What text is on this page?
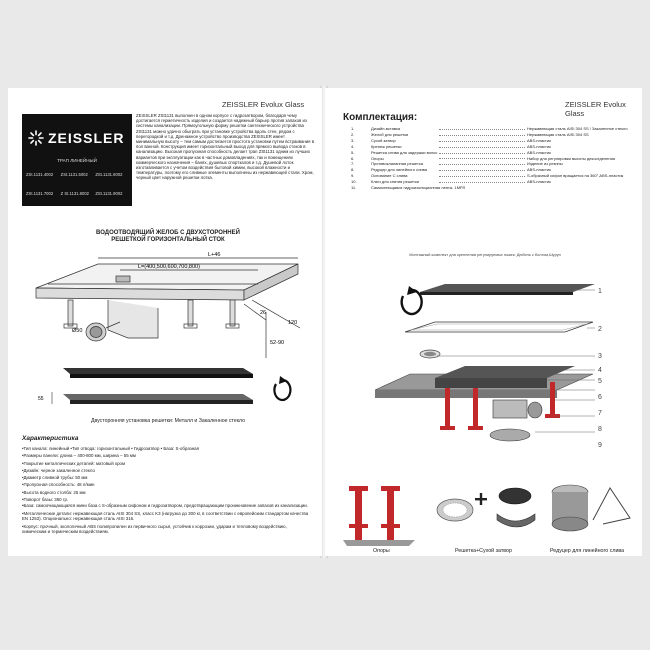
ZEISSLER Evolux Glass
ZEISSLER
ТРАП ЛИНЕЙНЫЙ
ZSt.1131.4002	ZSt.1131.5002	ZSt.1131.6002
ZSt.1131.7002	Z St.1131.8002	ZSt.1131.9002
ZEISSLER ZSt1131 выполнен в одном корпусе с гидрозатвором, благодаря чему достигается герметичность изделия и создается надежный барьер против запахов из системы канализации. Прямоугольную форму решетки сантехнического устройства ZSt1131 можно удачно обыграть при установке устройства вдоль стен, рядом с перегородкой и т.д. Дренажное устройство производства ZEISSLER имеет минимальную высоту – тем самым достигается простота установки путем встраивания в пол ванной. Конструкция имеет горизонтальный выход для прямого вывода стоков в канализацию. Высокая пропускная способность делает трап ZSt1131 одним из лучших вариантов при эксплуатации как в частных домовладениях, так и помещениях коммерческого назначения – банях, душевых спортзалов и т.д. Душевой лоток изготавливается с учетом воздействия бытовой химии, высокой влажности и температуры, поэтому его сливные элементы выполнены из нержавеющей стали. Хром, черный цвет наружной решетки лотка.
ВОДООТВОДЯЩИЙ ЖЕЛОБ С ДВУХСТОРОННЕЙ
РЕШЕТКОЙ ГОРИЗОНТАЛЬНЫЙ СТОК
L+46
L=(400,500,600,700,800)
26
120
52-90
Ø50
55
Двусторонняя установка решетки: Металл и Закаленное стекло
Характеристика
•Тип канала: линейный •Тип отвода: горизонтальный • Гидрозатвор • База: S-образная
•Размеры панели: длина – 400-800 мм, ширина – 55 мм
•Покрытие металлических деталей: матовый хром
•Дизайн: черное закаленное стекло
•Диаметр сливной трубы: 50 мм
•Пропускная способность: 48 л/мин
•Высота водного столба: 25 мм
•Поворот базы: 360 гр.
•База: самоочищающаяся мини база с S-образным сифоном и гидрозатвором, предотвращающим проникновение запахов из канализации.
•Металлические детали: нержавеющая сталь AISI 304 SS, класс K3 (нагрузка до 300 кг, в соответствии с европейским стандартом качества EN 1253). Опционально: нержавеющая сталь AISI 316.
•Корпус: прочный, экологичный ABS полипропилен из первичного сырья, устойчив к коррозии, ударам и тепловому воздействию, химическим и термическим воздействиям.
ZEISSLER Evolux Glass
Комплектация:
1.	Дизайн-вставка	Нержавеющая сталь AISI 304 SS / Закаленное стекло
2.	Желоб для решетки	Нержавеющая сталь AISI 304 SS
3.	Сухой затвор	ABS-пластик
4.	Крепеж решетки	ABS-пластик
5.	Решетка слива для задержки волос	ABS-пластик
6.	Опоры	Набор для регулировки высоты декоотделения
7.	Противоклапанная решетка	Изделие из резины
8.	Редуцер для линейного слива	ABS-пластик
9.	Основание С слива	S-образный сифон вращается на 360°,ABS-пластик
10.	Ключ для снятия решетки	ABS-пластик
11.	Самоклеющаяся гидроизоляционная лента- 1МРЛ
Монтажный комплект для крепления регулируемых ножек: Дюбель с болтом,Шуруп
1
2
3
4
5
6
7
8
9
Опоры	Решетка+Сухой затвор	Редуцер для линейного слива
